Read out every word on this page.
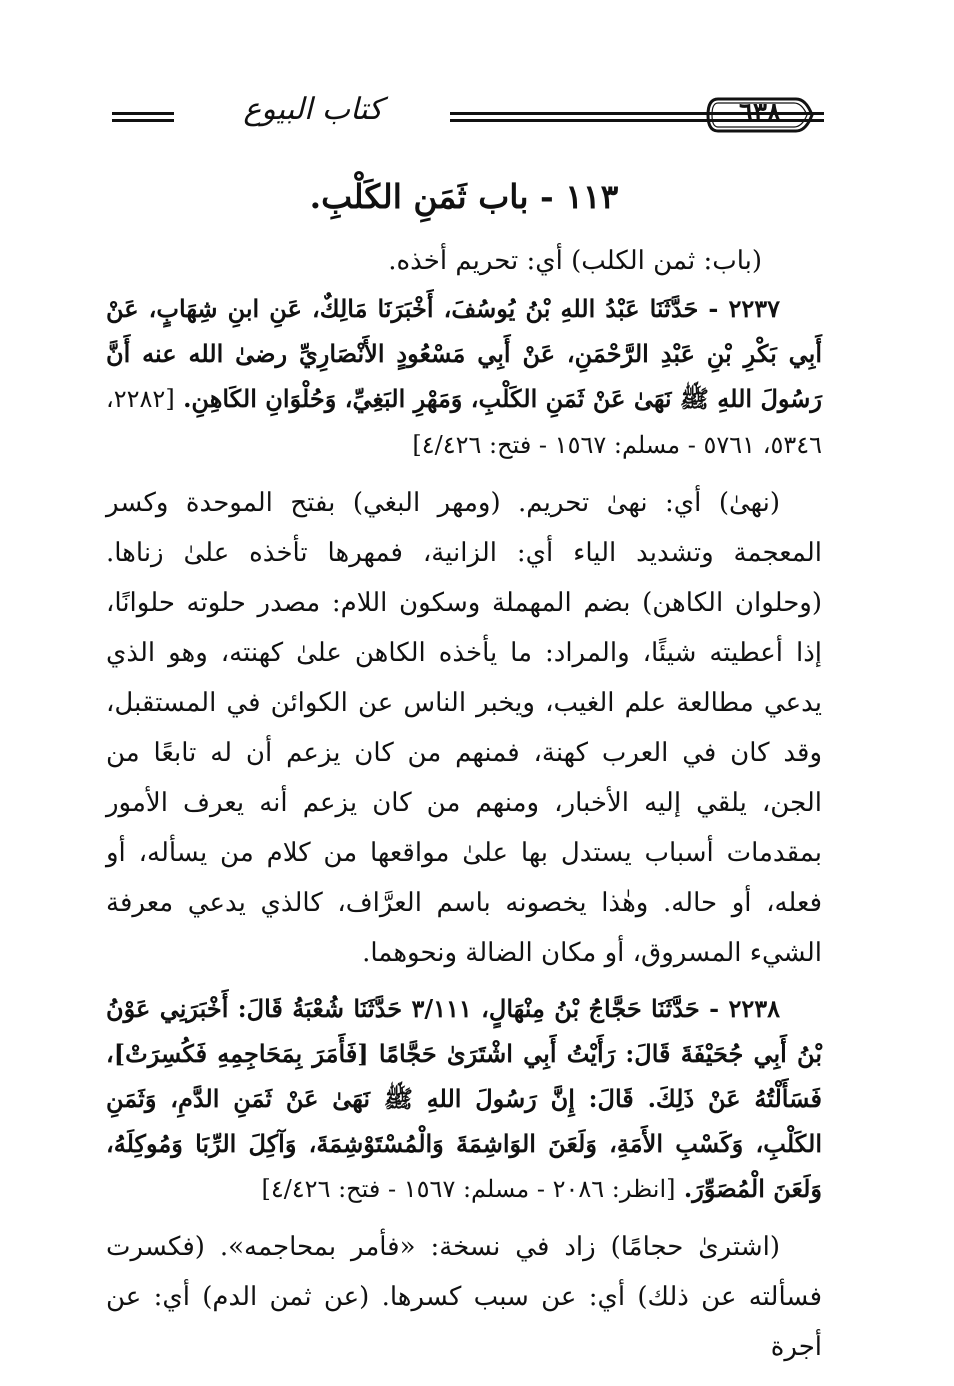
٦٣٨
كتاب البيوع
١١٣ - باب ثَمَنِ الكَلْبِ.

(باب: ثمن الكلب) أي: تحريم أخذه.

٢٢٣٧ - حَدَّثَنَا عَبْدُ اللهِ بْنُ يُوسُفَ، أَخْبَرَنَا مَالِكٌ، عَنِ ابنِ شِهَابٍ، عَنْ أَبِي بَكْرِ بْنِ عَبْدِ الرَّحْمَنِ، عَنْ أَبِي مَسْعُودٍ الأَنْصَارِيِّ رضىٰ الله عنه أَنَّ رَسُولَ اللهِ ﷺ نَهَىٰ عَنْ ثَمَنِ الكَلْبِ، وَمَهْرِ البَغِيِّ، وَحُلْوَانِ الكَاهِنِ. [٢٢٨٢، ٥٣٤٦، ٥٧٦١ - مسلم: ١٥٦٧ - فتح: ٤/٤٢٦]

(نهىٰ) أي: نهىٰ تحريم. (ومهر البغي) بفتح الموحدة وكسر المعجمة وتشديد الياء أي: الزانية، فمهرها تأخذه علىٰ زناها. (وحلوان الكاهن) بضم المهملة وسكون اللام: مصدر حلوته حلوانًا، إذا أعطيته شيئًا، والمراد: ما يأخذه الكاهن علىٰ كهنته، وهو الذي يدعي مطالعة علم الغيب، ويخبر الناس عن الكوائن في المستقبل، وقد كان في العرب كهنة، فمنهم من كان يزعم أن له تابعًا من الجن، يلقي إليه الأخبار، ومنهم من كان يزعم أنه يعرف الأمور بمقدمات أسباب يستدل بها علىٰ مواقعها من كلام من يسأله، أو فعله، أو حاله. وهٰذا يخصونه باسم العرَّاف، كالذي يدعي معرفة الشيء المسروق، أو مكان الضالة ونحوهما.

٢٢٣٨ - حَدَّثَنَا حَجَّاجُ بْنُ مِنْهَالٍ، ٣/١١١ حَدَّثَنَا شُعْبَةُ قَالَ: أَخْبَرَنِي عَوْنُ بْنُ أَبِي جُحَيْفَةَ قَالَ: رَأَيْتُ أَبِي اشْتَرَىٰ حَجَّامًا [فَأَمَرَ بِمَحَاجِمِهِ فَكُسِرَتْ]، فَسَأَلْتُهُ عَنْ ذَلِكَ. قَالَ: إِنَّ رَسُولَ اللهِ ﷺ نَهَىٰ عَنْ ثَمَنِ الدَّمِ، وَثَمَنِ الكَلْبِ، وَكَسْبِ الأَمَةِ، وَلَعَنَ الوَاشِمَةَ وَالْمُسْتَوْشِمَةَ، وَآكِلَ الرِّبَا وَمُوكِلَهُ، وَلَعَنَ الْمُصَوِّرَ. [انظر: ٢٠٨٦ - مسلم: ١٥٦٧ - فتح: ٤/٤٢٦]

(اشترىٰ حجامًا) زاد في نسخة: «فأمر بمحاجمه». (فكسرت فسألته عن ذلك) أي: عن سبب كسرها. (عن ثمن الدم) أي: عن أجرة
